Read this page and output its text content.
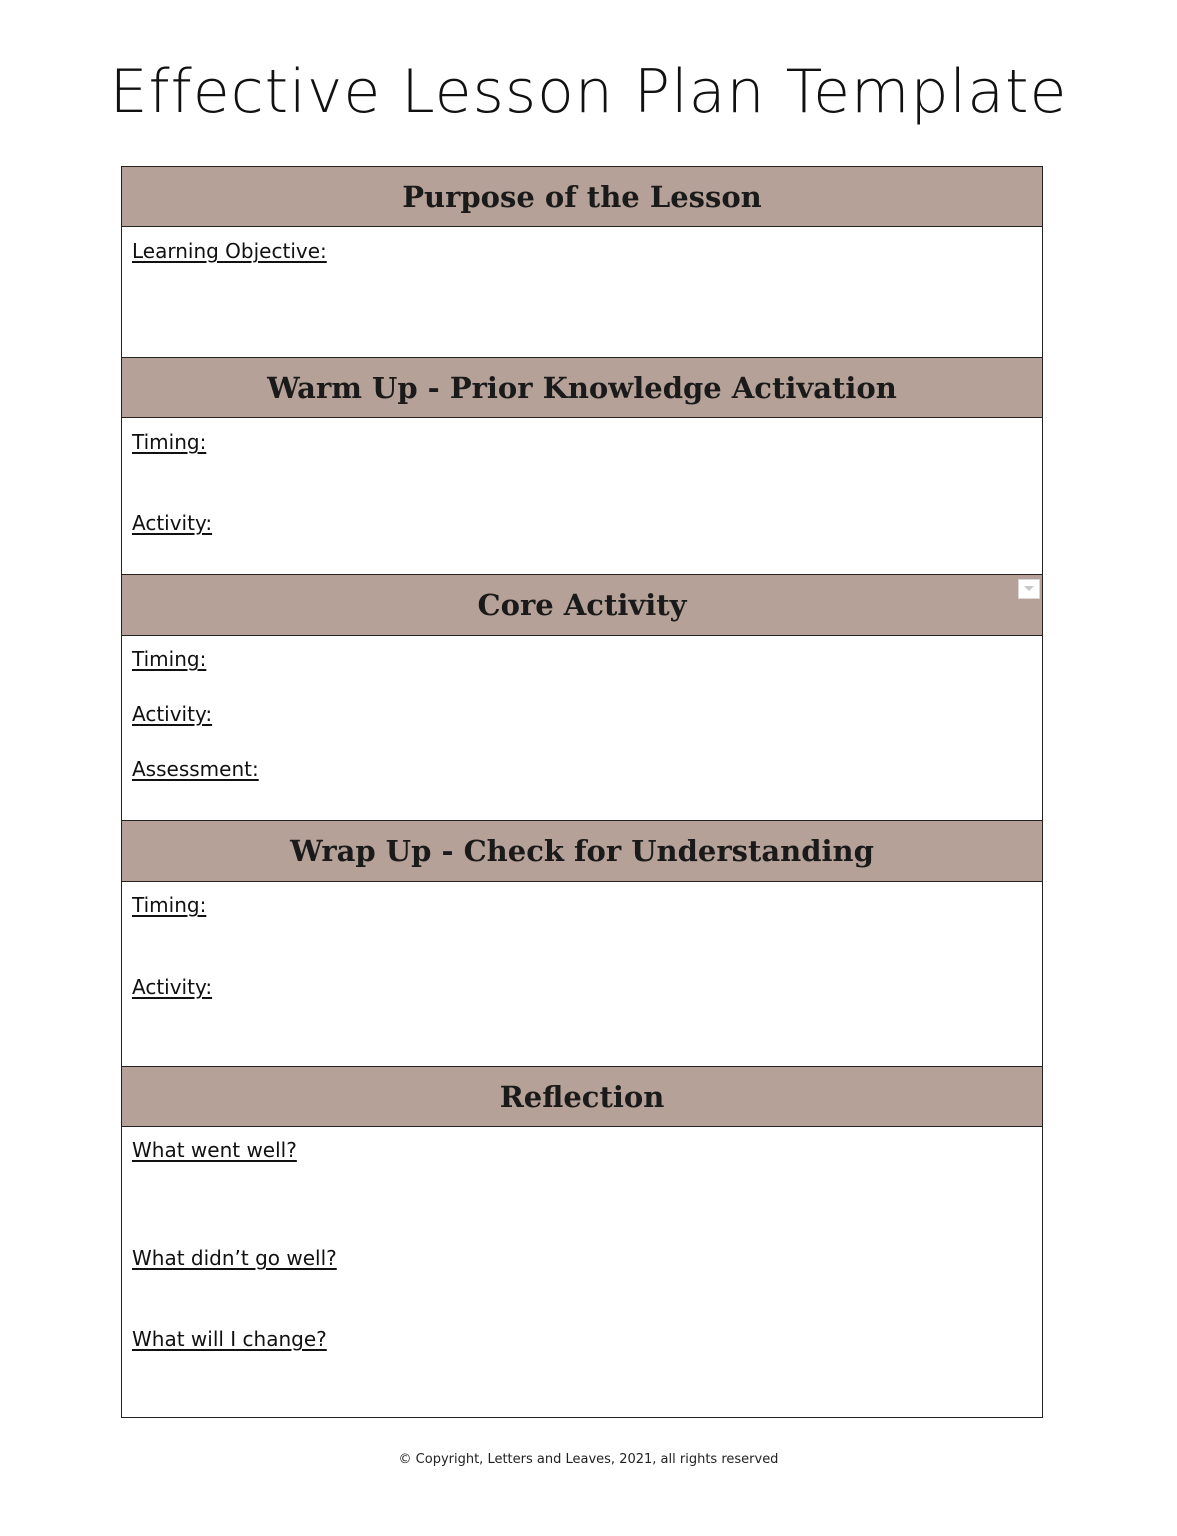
Effective Lesson Plan Template
Purpose of the Lesson
Learning Objective:
Warm Up - Prior Knowledge Activation
Timing:
Activity:
Core Activity
Timing:
Activity:
Assessment:
Wrap Up - Check for Understanding
Timing:
Activity:
Reflection
What went well?
What didn’t go well?
What will I change?
© Copyright, Letters and Leaves, 2021, all rights reserved
